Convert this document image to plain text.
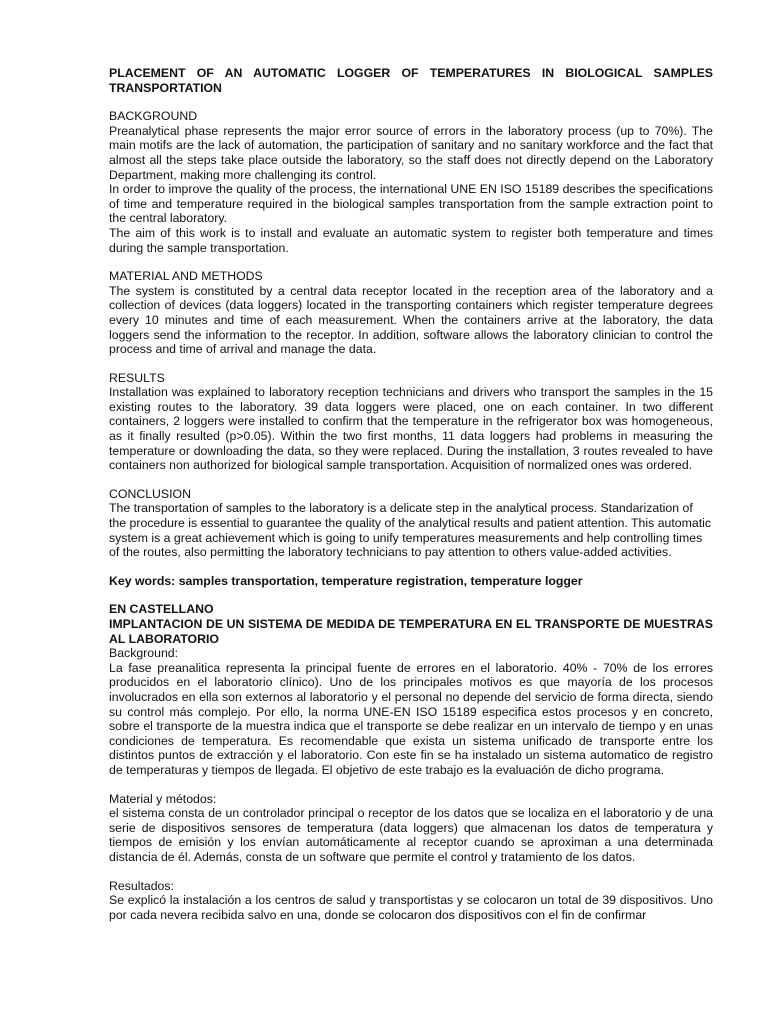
PLACEMENT OF AN AUTOMATIC LOGGER OF TEMPERATURES IN BIOLOGICAL SAMPLES TRANSPORTATION

BACKGROUND

Preanalytical phase represents the major error source of errors in the laboratory process (up to 70%). The main motifs are the lack of automation, the participation of sanitary and no sanitary workforce and the fact that almost all the steps take place outside the laboratory, so the staff does not directly depend on the Laboratory Department, making more challenging its control.

In order to improve the quality of the process, the international UNE EN ISO 15189 describes the specifications of time and temperature required in the biological samples transportation from the sample extraction point to the central laboratory.

The aim of this work is to install and evaluate an automatic system to register both temperature and times during the sample transportation.

MATERIAL AND METHODS

The system is constituted by a central data receptor located in the reception area of the laboratory and a collection of devices (data loggers) located in the transporting containers which register temperature degrees every 10 minutes and time of each measurement. When the containers arrive at the laboratory, the data loggers send the information to the receptor. In addition, software allows the laboratory clinician to control the process and time of arrival and manage the data.

RESULTS

Installation was explained to laboratory reception technicians and drivers who transport the samples in the 15 existing routes to the laboratory. 39 data loggers were placed, one on each container. In two different containers, 2 loggers were installed to confirm that the temperature in the refrigerator box was homogeneous, as it finally resulted (p>0.05). Within the two first months, 11 data loggers had problems in measuring the temperature or downloading the data, so they were replaced. During the installation, 3 routes revealed to have containers non authorized for biological sample transportation. Acquisition of normalized ones was ordered.

CONCLUSION

The transportation of samples to the laboratory is a delicate step in the analytical process. Standarization of the procedure is essential to guarantee the quality of the analytical results and patient attention. This automatic system is a great achievement which is going to unify temperatures measurements and help controlling times of the routes, also permitting the laboratory technicians to pay attention to others value-added activities.

Key words: samples transportation, temperature registration, temperature logger

EN CASTELLANO

IMPLANTACION DE UN SISTEMA DE MEDIDA DE TEMPERATURA EN EL TRANSPORTE DE MUESTRAS AL LABORATORIO

Background:

La fase preanalitica representa la principal fuente de errores en el laboratorio. 40% - 70% de los errores producidos en el laboratorio clínico). Uno de los principales motivos es que mayoría de los procesos involucrados en ella son externos al laboratorio y el personal no depende del servicio de forma directa, siendo su control más complejo. Por ello, la norma UNE-EN ISO 15189 especifica estos procesos y en concreto, sobre el transporte de la muestra indica que el transporte se debe realizar en un intervalo de tiempo y en unas condiciones de temperatura. Es recomendable que exista un sistema unificado de transporte entre los distintos puntos de extracción y el laboratorio. Con este fin se ha instalado un sistema automatico de registro de temperaturas y tiempos de llegada. El objetivo de este trabajo es la evaluación de dicho programa.

Material y métodos:

el sistema consta de un controlador principal o receptor de los datos que se localiza en el laboratorio y de una serie de dispositivos sensores de temperatura (data loggers) que almacenan los datos de temperatura y tiempos de emisión y los envían automáticamente al receptor cuando se aproximan a una determinada distancia de él. Además, consta de un software que permite el control y tratamiento de los datos.

Resultados:

Se explicó la instalación a los centros de salud y transportistas y se colocaron un total de 39 dispositivos. Uno por cada nevera recibida salvo en una, donde se colocaron dos dispositivos con el fin de confirmar
